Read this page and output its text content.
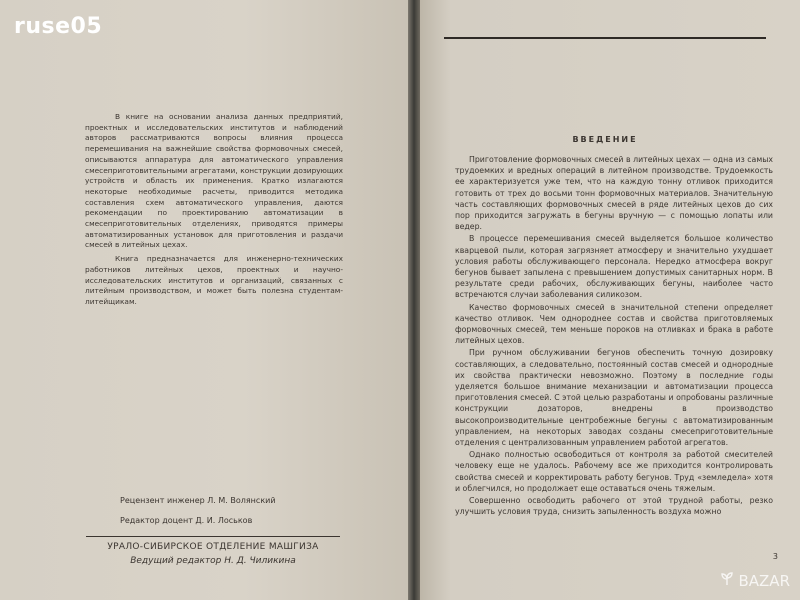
В книге на основании анализа данных предприятий, проектных и исследовательских институтов и наблюдений авторов рассматриваются вопросы влияния процесса перемешивания на важнейшие свойства формовочных смесей, описываются аппаратура для автоматического управления смесеприготовительными агрегатами, конструкции дозирующих устройств и область их применения. Кратко излагаются некоторые необходимые расчеты, приводится методика составления схем автоматического управления, даются рекомендации по проектированию автоматизации в смесеприготовительных отделениях, приводятся примеры автоматизированных установок для приготовления и раздачи смесей в литейных цехах.

Книга предназначается для инженерно-технических работников литейных цехов, проектных и научно-исследовательских институтов и организаций, связанных с литейным производством, и может быть полезна студентам-литейщикам.

Рецензент инженер Л. М. Волянский
Редактор доцент Д. И. Лоськов
УРАЛО-СИБИРСКОЕ ОТДЕЛЕНИЕ МАШГИЗА
Ведущий редактор Н. Д. Чиликина
ВВЕДЕНИЕ

Приготовление формовочных смесей в литейных цехах — одна из самых трудоемких и вредных операций в литейном производстве. Трудоемкость ее характеризуется уже тем, что на каждую тонну отливок приходится готовить от трех до восьми тонн формовочных материалов. Значительную часть составляющих формовочных смесей в ряде литейных цехов до сих пор приходится загружать в бегуны вручную — с помощью лопаты или ведер.

В процессе перемешивания смесей выделяется большое количество кварцевой пыли, которая загрязняет атмосферу и значительно ухудшает условия работы обслуживающего персонала. Нередко атмосфера вокруг бегунов бывает запылена с превышением допустимых санитарных норм. В результате среди рабочих, обслуживающих бегуны, наиболее часто встречаются случаи заболевания силикозом.

Качество формовочных смесей в значительной степени определяет качество отливок. Чем однороднее состав и свойства приготовляемых формовочных смесей, тем меньше пороков на отливках и брака в работе литейных цехов.

При ручном обслуживании бегунов обеспечить точную дозировку составляющих, а следовательно, постоянный состав смесей и однородные их свойства практически невозможно. Поэтому в последние годы уделяется большое внимание механизации и автоматизации процесса приготовления смесей. С этой целью разработаны и опробованы различные конструкции дозаторов, внедрены в производство высокопроизводительные центробежные бегуны с автоматизированным управлением, на некоторых заводах созданы смесеприготовительные отделения с централизованным управлением работой агрегатов.

Однако полностью освободиться от контроля за работой смесителей человеку еще не удалось. Рабочему все же приходится контролировать свойства смесей и корректировать работу бегунов. Труд «земледела» хотя и облегчился, но продолжает еще оставаться очень тяжелым.

Совершенно освободить рабочего от этой трудной работы, резко улучшить условия труда, снизить запыленность воздуха можно

3
ruse05
BAZAR
